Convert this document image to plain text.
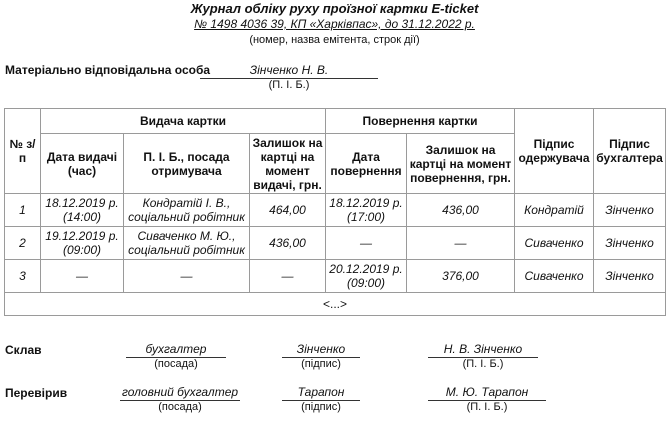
Журнал обліку руху проїзної картки E-ticket
№ 1498 4036 39, КП «Харківпас», до 31.12.2022 р.
(номер, назва емітента, строк дії)
Матеріально відповідальна особа	Зінченко Н. В.
(П. І. Б.)
№ з/п	Видача картки			Повернення картки		Підпис одержувача	Підпис бухгалтера
	Дата видачі (час)	П. І. Б., посада отримувача	Залишок на картці на момент видачі, грн.	Дата повернення	Залишок на картці на момент повернення, грн.		
1	18.12.2019 р. (14:00)	Кондратій І. В., соціальний робітник	464,00	18.12.2019 р. (17:00)	436,00	Кондратій	Зінченко
2	19.12.2019 р. (09:00)	Сиваченко М. Ю., соціальний робітник	436,00	—	—	Сиваченко	Зінченко
3	—	—	—	20.12.2019 р. (09:00)	376,00	Сиваченко	Зінченко
<...>							
Склав	бухгалтер
(посада)
Зінченко
(підпис)
Н. В. Зінченко
(П. І. Б.)
Перевірив	головний бухгалтер
(посада)
Тарапон
(підпис)
М. Ю. Тарапон
(П. І. Б.)
